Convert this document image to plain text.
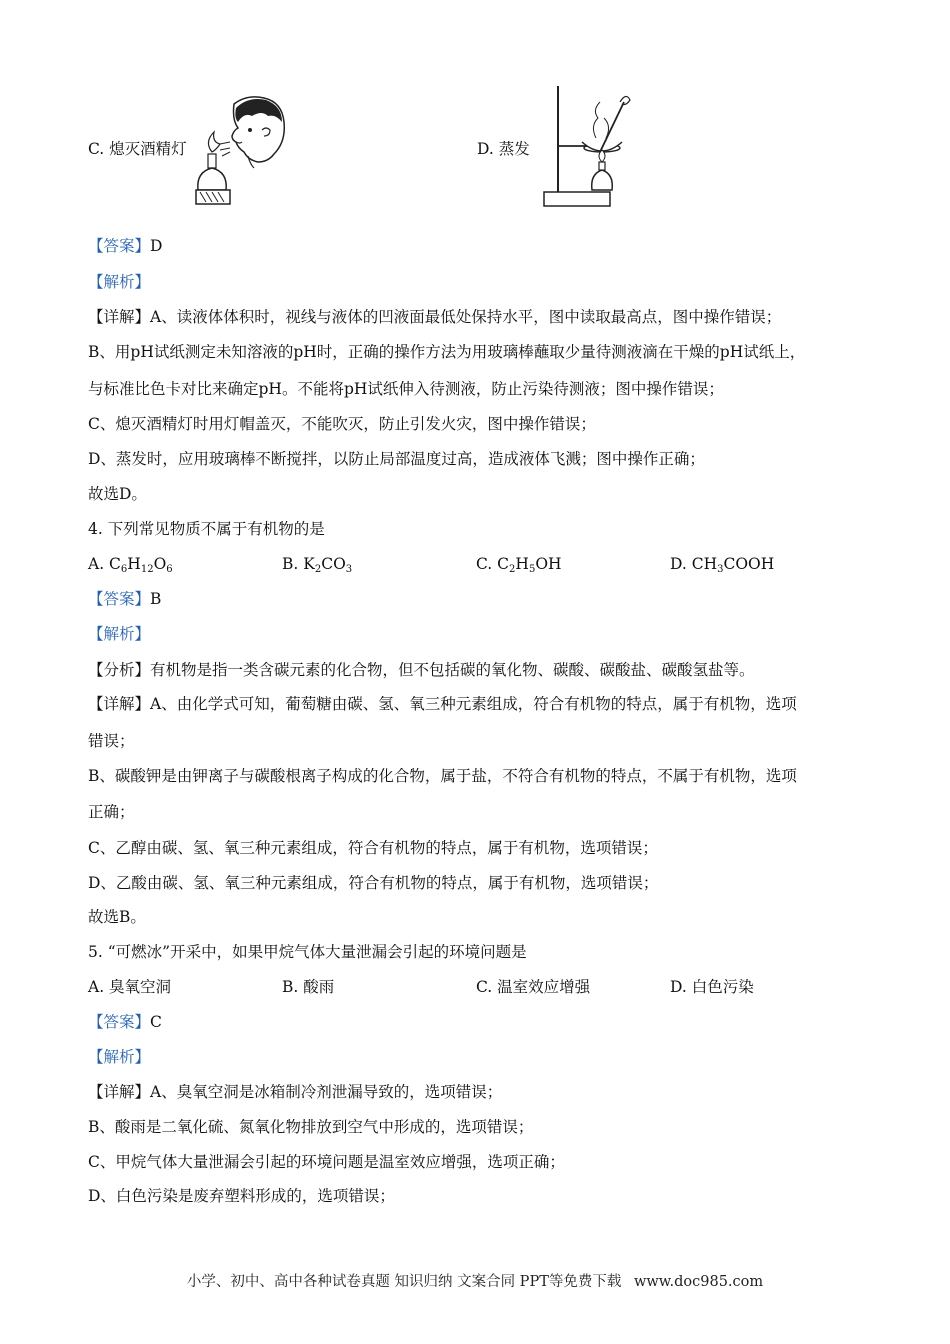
C. 熄灭酒精灯	D. 蒸发
【答案】D
【解析】
【详解】A、读液体体积时，视线与液体的凹液面最低处保持水平，图中读取最高点，图中操作错误；
B、用pH试纸测定未知溶液的pH时，正确的操作方法为用玻璃棒蘸取少量待测液滴在干燥的pH试纸上，
与标准比色卡对比来确定pH。不能将pH试纸伸入待测液，防止污染待测液；图中操作错误；
C、熄灭酒精灯时用灯帽盖灭，不能吹灭，防止引发火灾，图中操作错误；
D、蒸发时，应用玻璃棒不断搅拌，以防止局部温度过高，造成液体飞溅；图中操作正确；
故选D。
4. 下列常见物质不属于有机物的是
A. $C_6H_{12}O_6$	B. $K_2CO_3$	C. $C_2H_5OH$	D. $CH_3COOH$
【答案】B
【解析】
【分析】有机物是指一类含碳元素的化合物，但不包括碳的氧化物、碳酸、碳酸盐、碳酸氢盐等。
【详解】A、由化学式可知，葡萄糖由碳、氢、氧三种元素组成，符合有机物的特点，属于有机物，选项
错误；
B、碳酸钾是由钾离子与碳酸根离子构成的化合物，属于盐，不符合有机物的特点，不属于有机物，选项
正确；
C、乙醇由碳、氢、氧三种元素组成，符合有机物的特点，属于有机物，选项错误；
D、乙酸由碳、氢、氧三种元素组成，符合有机物的特点，属于有机物，选项错误；
故选B。
5. “可燃冰”开采中，如果甲烷气体大量泄漏会引起的环境问题是
A. 臭氧空洞	B. 酸雨	C. 温室效应增强	D. 白色污染
【答案】C
【解析】
【详解】A、臭氧空洞是冰箱制冷剂泄漏导致的，选项错误；
B、酸雨是二氧化硫、氮氧化物排放到空气中形成的，选项错误；
C、甲烷气体大量泄漏会引起的环境问题是温室效应增强，选项正确；
D、白色污染是废弃塑料形成的，选项错误；
小学、初中、高中各种试卷真题 知识归纳 文案合同 PPT等免费下载 www.doc985.com
